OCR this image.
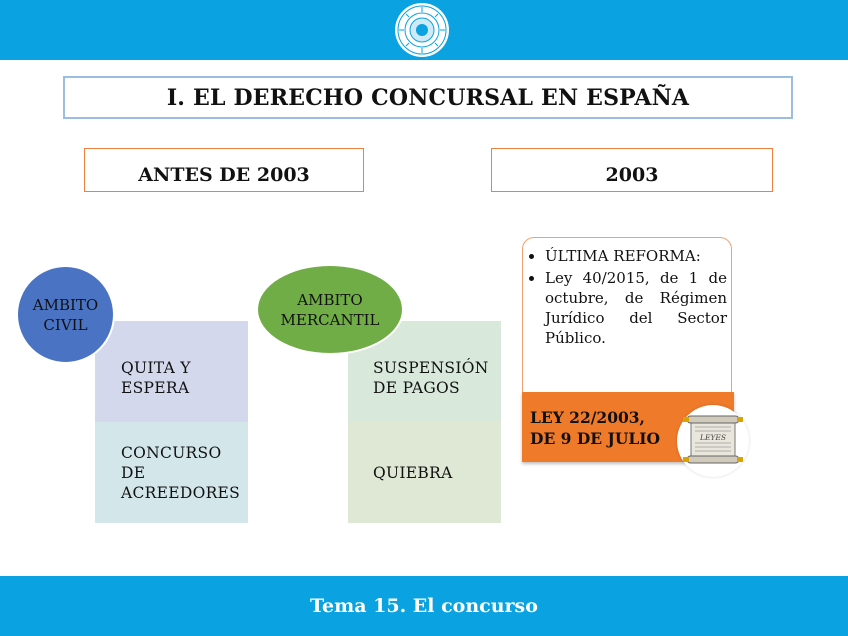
I. EL DERECHO CONCURSAL EN ESPAÑA
ANTES DE 2003	2003
QUITA Y
ESPERA
CONCURSO
DE
ACREEDORES
AMBITO
CIVIL
SUSPENSIÓN
DE PAGOS
QUIEBRA
AMBITO
MERCANTIL
• ÚLTIMA REFORMA:
• Ley 40/2015, de 1 de octubre, de Régimen Jurídico del Sector Público.
LEY 22/2003,
DE 9 DE JULIO	LEYES
Tema 15. El concurso
